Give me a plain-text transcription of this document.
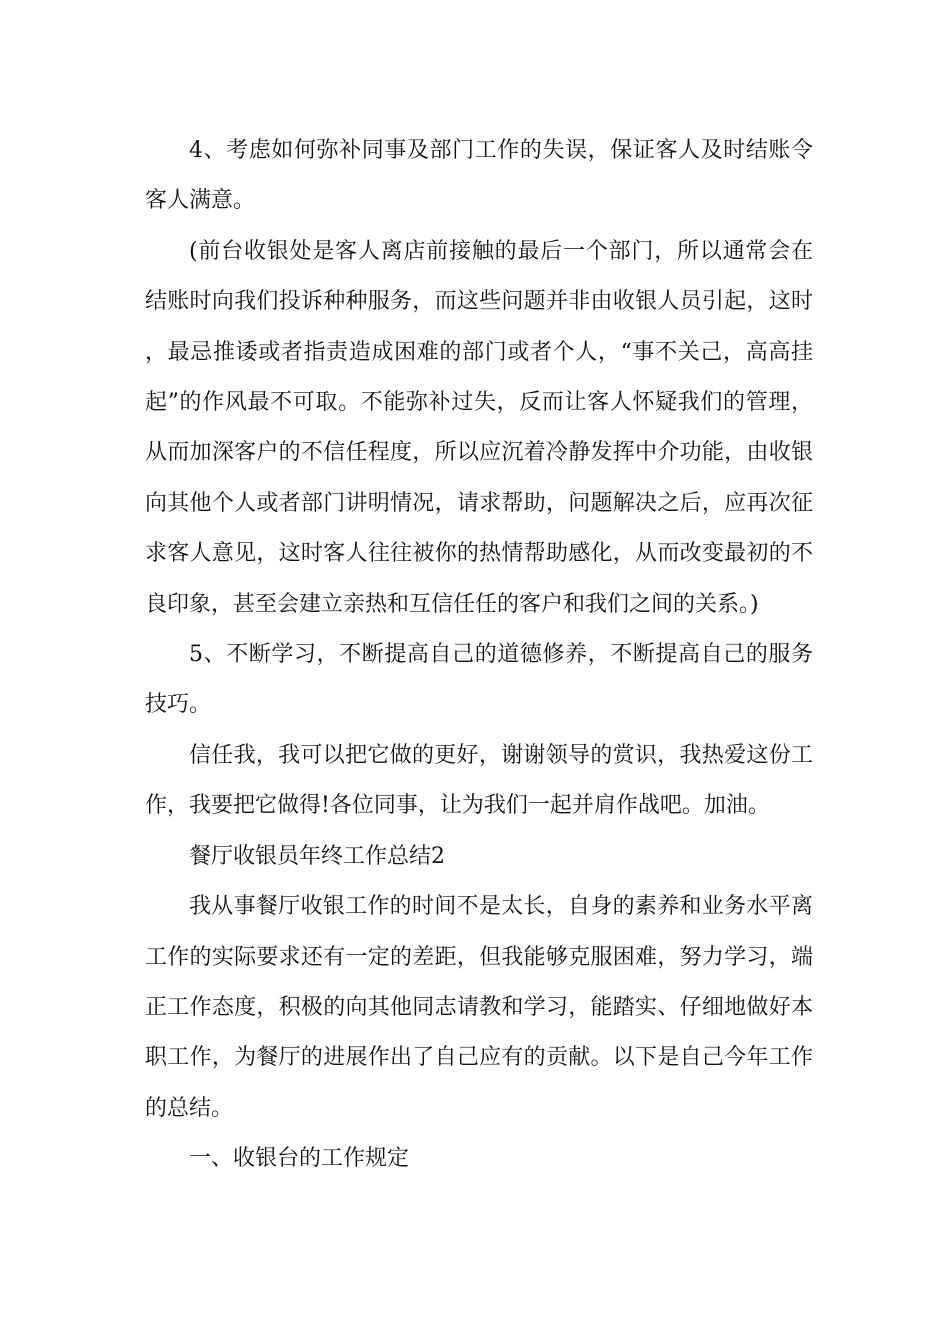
4、考虑如何弥补同事及部门工作的失误，保证客人及时结账令客人满意。

(前台收银处是客人离店前接触的最后一个部门，所以通常会在结账时向我们投诉种种服务，而这些问题并非由收银人员引起，这时，最忌推诿或者指责造成困难的部门或者个人，“事不关己，高高挂起”的作风最不可取。不能弥补过失，反而让客人怀疑我们的管理，从而加深客户的不信任程度，所以应沉着冷静发挥中介功能，由收银向其他个人或者部门讲明情况，请求帮助，问题解决之后，应再次征求客人意见，这时客人往往被你的热情帮助感化，从而改变最初的不良印象，甚至会建立亲热和互信任任的客户和我们之间的关系。)

5、不断学习，不断提高自己的道德修养，不断提高自己的服务技巧。

信任我，我可以把它做的更好，谢谢领导的赏识，我热爱这份工作，我要把它做得!各位同事，让为我们一起并肩作战吧。加油。

餐厅收银员年终工作总结2

我从事餐厅收银工作的时间不是太长，自身的素养和业务水平离工作的实际要求还有一定的差距，但我能够克服困难，努力学习，端正工作态度，积极的向其他同志请教和学习，能踏实、仔细地做好本职工作，为餐厅的进展作出了自己应有的贡献。以下是自己今年工作的总结。

一、收银台的工作规定
